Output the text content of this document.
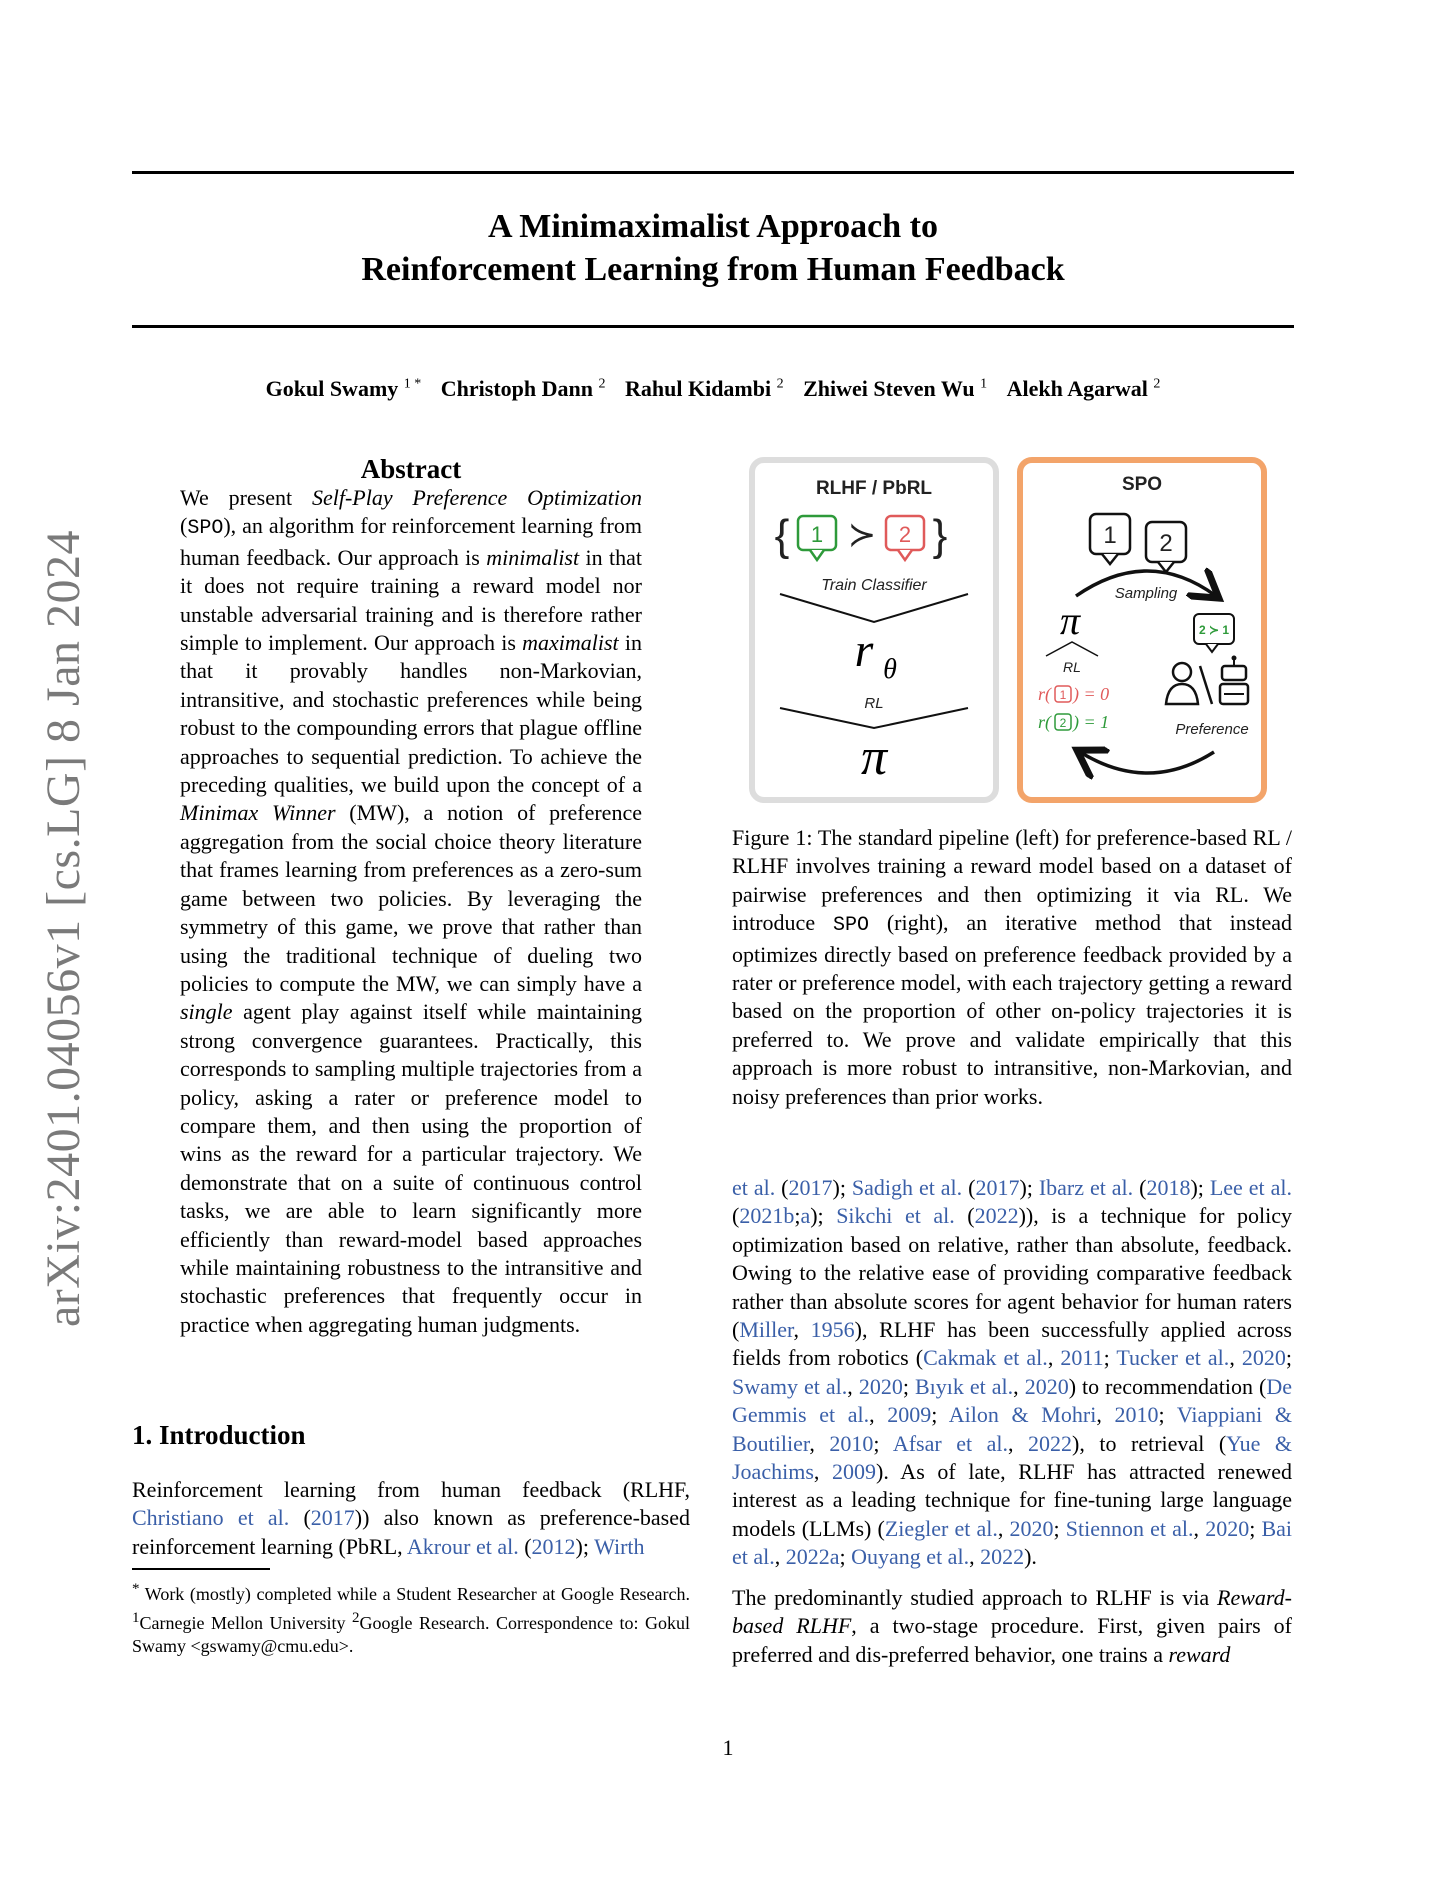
A Minimaximalist Approach to
Reinforcement Learning from Human Feedback
Gokul Swamy $^{1 *}$ Christoph Dann $^2$ Rahul Kidambi $^2$ Zhiwei Steven Wu $^1$ Alekh Agarwal $^2$
arXiv:2401.04056v1 [cs.LG] 8 Jan 2024
Abstract
We present Self-Play Preference Optimization (SPO), an algorithm for reinforcement learning from human feedback. Our approach is minimalist in that it does not require training a reward model nor unstable adversarial training and is therefore rather simple to implement. Our approach is maximalist in that it provably handles non-Markovian, intransitive, and stochastic preferences while being robust to the compounding errors that plague offline approaches to sequential prediction. To achieve the preceding qualities, we build upon the concept of a Minimax Winner (MW), a notion of preference aggregation from the social choice theory literature that frames learning from preferences as a zero-sum game between two policies. By leveraging the symmetry of this game, we prove that rather than using the traditional technique of dueling two policies to compute the MW, we can simply have a single agent play against itself while maintaining strong convergence guarantees. Practically, this corresponds to sampling multiple trajectories from a policy, asking a rater or preference model to compare them, and then using the proportion of wins as the reward for a particular trajectory. We demonstrate that on a suite of continuous control tasks, we are able to learn significantly more efficiently than reward-model based approaches while maintaining robustness to the intransitive and stochastic preferences that frequently occur in practice when aggregating human judgments.
1. Introduction
Reinforcement learning from human feedback (RLHF, Christiano et al. (2017)) also known as preference-based reinforcement learning (PbRL, Akrour et al. (2012); Wirth
* Work (mostly) completed while a Student Researcher at Google Research. $^1$Carnegie Mellon University $^2$Google Research. Correspondence to: Gokul Swamy <gswamy@cmu.edu>.
RLHF / PbRL
{ 1 ≻ 2 }
Train Classifier
r θ
RL
π
SPO
1 2
Sampling
π
RL
2 ≻ 1
r( 1 ) = 0
r( 2 ) = 1	Preference
Figure 1: The standard pipeline (left) for preference-based RL / RLHF involves training a reward model based on a dataset of pairwise preferences and then optimizing it via RL. We introduce SPO (right), an iterative method that instead optimizes directly based on preference feedback provided by a rater or preference model, with each trajectory getting a reward based on the proportion of other on-policy trajectories it is preferred to. We prove and validate empirically that this approach is more robust to intransitive, non-Markovian, and noisy preferences than prior works.

et al. (2017); Sadigh et al. (2017); Ibarz et al. (2018); Lee et al. (2021b;a); Sikchi et al. (2022)), is a technique for policy optimization based on relative, rather than absolute, feedback. Owing to the relative ease of providing comparative feedback rather than absolute scores for agent behavior for human raters (Miller, 1956), RLHF has been successfully applied across fields from robotics (Cakmak et al., 2011; Tucker et al., 2020; Swamy et al., 2020; Bıyık et al., 2020) to recommendation (De Gemmis et al., 2009; Ailon & Mohri, 2010; Viappiani & Boutilier, 2010; Afsar et al., 2022), to retrieval (Yue & Joachims, 2009). As of late, RLHF has attracted renewed interest as a leading technique for fine-tuning large language models (LLMs) (Ziegler et al., 2020; Stiennon et al., 2020; Bai et al., 2022a; Ouyang et al., 2022).

The predominantly studied approach to RLHF is via Reward-based RLHF, a two-stage procedure. First, given pairs of preferred and dis-preferred behavior, one trains a reward

1
